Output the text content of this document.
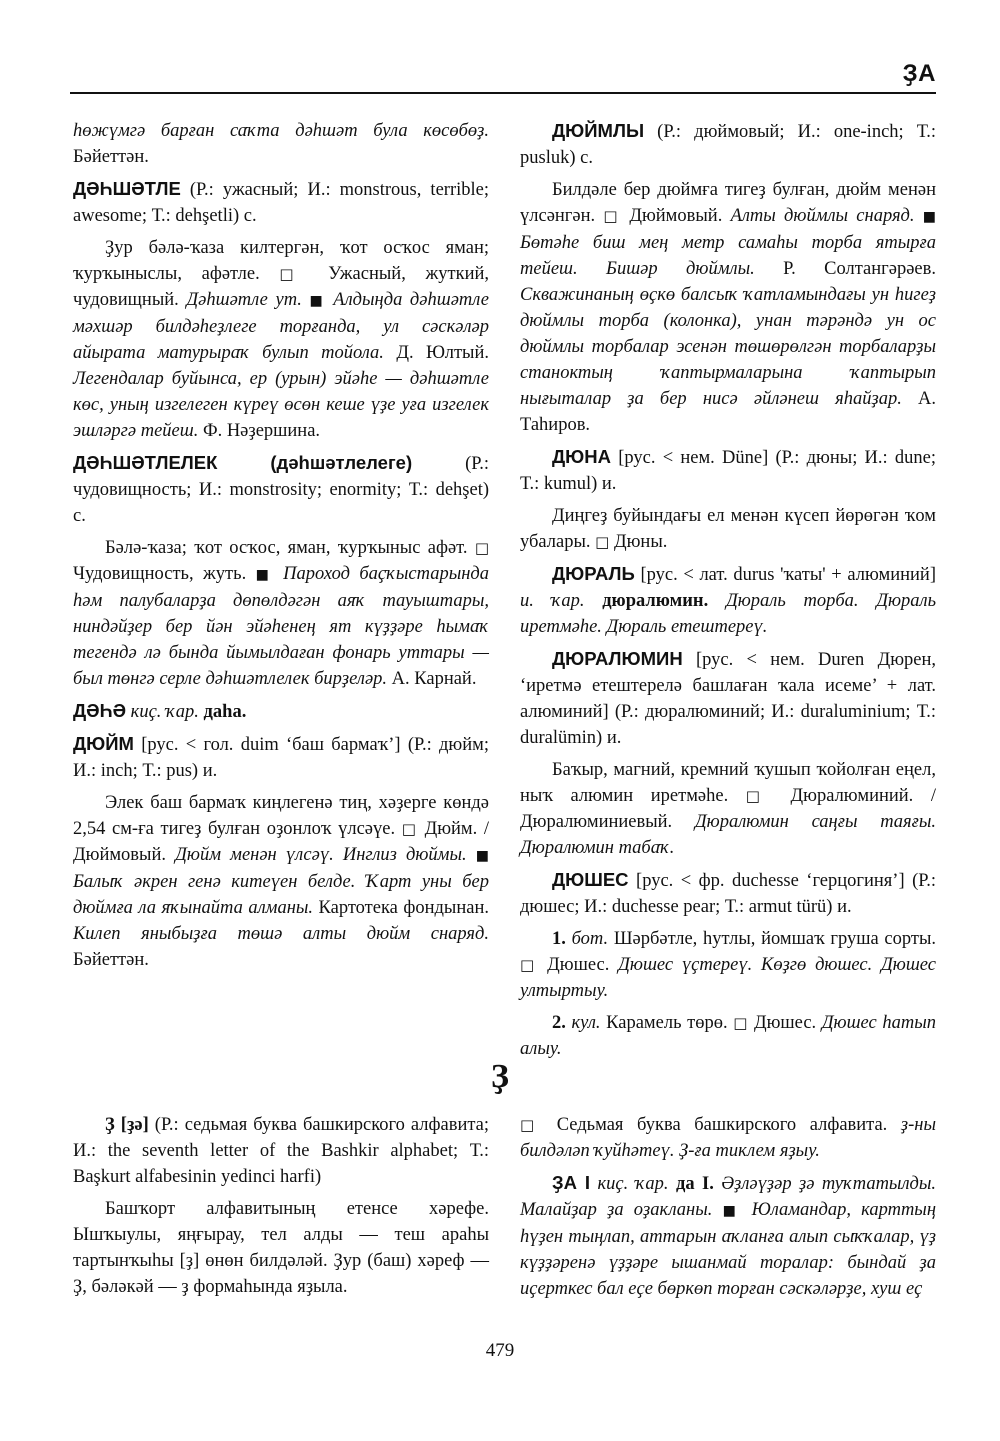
ҘА

һөжүмгә барған саҡта дәһшәт була көсөбөҙ. Бәйеттән.

ДӘҺШӘТЛЕ (Р.: ужасный; И.: monstrous, terrible; awesome; Т.: dehşetli) с.

Ҙур бәлә-ҡаза килтергән, ҡот осҡос яман; ҡурҡыныслы, афәтле. □ Ужасный, жуткий, чудовищный. Дәһшәтле ут. ■ Алдыңда дәһшәтле мәхшәр билдәһеҙлеге торғанда, ул сәскәләр айырата матурыраҡ булып тойола. Д. Юлтый. Легендалар буйынса, ер (урын) эйәһе — дәһшәтле көс, уның изгелеген күреү өсөн кеше үҙе уға изгелек эшләргә тейеш. Ф. Нәҙершина.

ДӘҺШӘТЛЕЛЕК	(дәһшәтлелеге)	(Р.: чудовищность; И.: monstrosity; enormity; Т.: dehşet) с.

Бәлә-ҡаза; ҡот осҡос, яман, ҡурҡыныс афәт. □ Чудовищность, жуть. ■ Пароход баҫҡыстарында һәм палубаларҙа дөпөлдәгән аяҡ тауыштары, ниндәйҙер бер йән эйәһенең ят күҙҙәре һымаҡ тегендә лә бында йымылдаған фонарь уттары — был төнгә серле дәһшәтлелек бирҙеләр. А. Карнай.

ДӘҺӘ киҫ. ҡар. даһа.

ДЮЙМ [рус. < гол. duim ‘баш бармаҡ’] (Р.: дюйм; И.: inch; Т.: pus) и.

Элек баш бармаҡ киңлегенә тиң, хәҙерге көндә 2,54 см-ға тигеҙ булған оҙонлоҡ үлсәүе. □ Дюйм. / Дюймовый. Дюйм менән үлсәү. Инглиз дюймы. ■ Балыҡ әкрен генә китеүен белде. Ҡарт уны бер дюймға ла яҡынайта алманы. Картотека фондынан. Килеп яныбыҙға төшә алты дюйм снаряд. Бәйеттән.

ДЮЙМЛЫ (Р.: дюймовый; И.: one-inch; Т.: pusluk) с.

Билдәле бер дюймға тигеҙ булған, дюйм менән үлсәнгән. □ Дюймовый. Алты дюймлы снаряд. ■ Бөтәһе биш мең метр самаһы торба ятырға тейеш. Бишәр дюймлы. Р. Солтангәрәев. Скважинаның өҫкө балсыҡ ҡатламындағы ун һигеҙ дюймлы торба (колонка), унан тәрәндә ун ос дюймлы торбалар эсенән төшөрөлгән торбаларҙы станоктың ҡаптырмаларына ҡаптырып нығыталар ҙа бер нисә әйләнеш яһайҙар. А. Таһиров.

ДЮНА [рус. < нем. Düne] (Р.: дюны; И.: dune; Т.: kumul) и.

Диңгеҙ буйындағы ел менән күсеп йөрөгән ҡом убалары. □ Дюны.

ДЮРАЛЬ [рус. < лат. durus 'ҡаты' + алюминий] и. ҡар. дюралюмин. Дюраль торба. Дюраль иретмәһе. Дюраль етештереү.

ДЮРАЛЮМИН [рус. < нем. Duren Дюрен, ‘иретмә етештерелә башлаған ҡала исеме’ + лат. алюминий] (Р.: дюралюминий; И.: duraluminium; Т.: duralümin) и.

Баҡыр, магний, кремний ҡушып ҡойолған еңел, ныҡ алюмин иретмәһе. □ Дюралюминий. / Дюралюминиевый. Дюралюмин саңғы таяғы. Дюралюмин табаҡ.

ДЮШЕС [рус. < фр. duchesse ‘герцогиня’] (Р.: дюшес; И.: duchesse pear; Т.: armut türü) и.

1. бот. Шәрбәтле, һутлы, йомшаҡ груша сорты. □ Дюшес. Дюшес үҫтереү. Көҙгө дюшес. Дюшес ултыртыу.

2. кул. Карамель төрө. □ Дюшес. Дюшес һатып алыу.

Ҙ

Ҙ [ҙә] (Р.: седьмая буква башкирского алфавита; И.: the seventh letter of the Bashkir alphabet; Т.: Başkurt alfabesinin yedinci harfi)

Башҡорт алфавитының етенсе хәрефе. Ышҡыулы, яңғырау, тел алды — теш араһы тартынҡыһы [ҙ] өнөн билдәләй. Ҙур (баш) хәреф — Ҙ, бәләкәй — ҙ формаһында яҙыла.

□ Седьмая буква башкирского алфавита. ҙ-ны билдәләп ҡуйһәтеү. Ҙ-ға тиклем яҙыу.

ҘА I киҫ. ҡар. да I. Әҙләүҙәр ҙә туҡтатылды. Малайҙар ҙа оҙакланы. ■ Юламандар, карттың һүҙен тыңлап, аттарын аҡланға алып сыҡҡалар, үҙ күҙҙәренә үҙҙәре ышанмай торалар: бындай ҙа иҫерткес бал еҫе бөркөп торған сәскәләрҙе, хуш еҫ

479
